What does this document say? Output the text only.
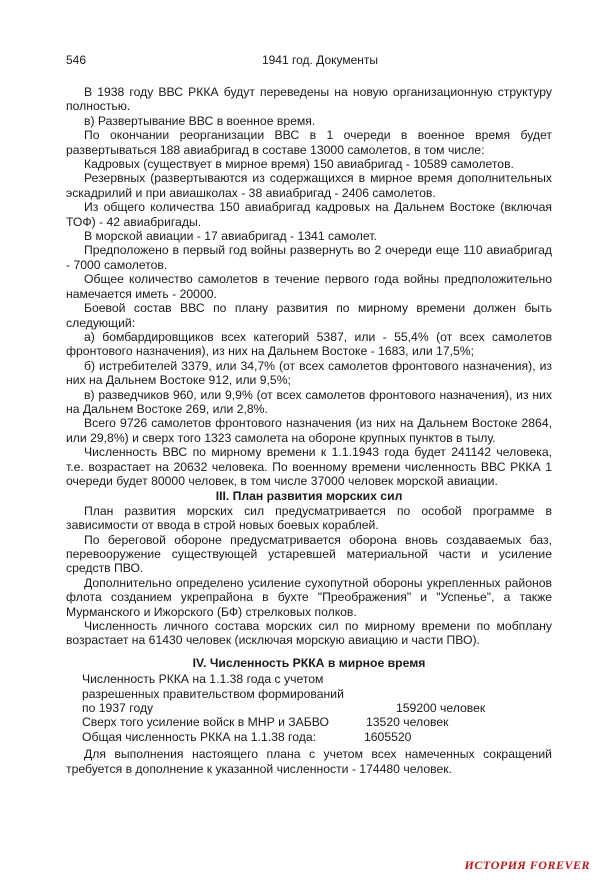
546	1941 год. Документы

В 1938 году ВВС РККА будут переведены на новую организационную структуру полностью.

в) Развертывание ВВС в военное время.

По окончании реорганизации ВВС в 1 очереди в военное время будет развертываться 188 авиабригад в составе 13000 самолетов, в том числе:

Кадровых (существует в мирное время) 150 авиабригад - 10589 самолетов.

Резервных (развертываются из содержащихся в мирное время дополнительных эскадрилий и при авиашколах - 38 авиабригад - 2406 самолетов.

Из общего количества 150 авиабригад кадровых на Дальнем Востоке (включая ТОФ) - 42 авиабригады.

В морской авиации - 17 авиабригад - 1341 самолет.

Предположено в первый год войны развернуть во 2 очереди еще 110 авиабригад - 7000 самолетов.

Общее количество самолетов в течение первого года войны предположительно намечается иметь - 20000.

Боевой состав ВВС по плану развития по мирному времени должен быть следующий:

а) бомбардировщиков всех категорий 5387, или - 55,4% (от всех самолетов фронтового назначения), из них на Дальнем Востоке - 1683, или 17,5%;

б) истребителей 3379, или 34,7% (от всех самолетов фронтового назначения), из них на Дальнем Востоке 912, или 9,5%;

в) разведчиков 960, или 9,9% (от всех самолетов фронтового назначения), из них на Дальнем Востоке 269, или 2,8%.

Всего 9726 самолетов фронтового назначения (из них на Дальнем Востоке 2864, или 29,8%) и сверх того 1323 самолета на обороне крупных пунктов в тылу.

Численность ВВС по мирному времени к 1.1.1943 года будет 241142 человека, т.е. возрастает на 20632 человека. По военному времени численность ВВС РККА 1 очереди будет 80000 человек, в том числе 37000 человек морской авиации.

III. План развития морских сил

План развития морских сил предусматривается по особой программе в зависимости от ввода в строй новых боевых кораблей.

По береговой обороне предусматривается оборона вновь создаваемых баз, перевооружение существующей устаревшей материальной части и усиление средств ПВО.

Дополнительно определено усиление сухопутной обороны укрепленных районов флота созданием укрепрайона в бухте "Преображения" и "Успенье", а также Мурманского и Ижорского (БФ) стрелковых полков.

Численность личного состава морских сил по мирному времени по мобплану возрастает на 61430 человек (исключая морскую авиацию и части ПВО).

IV. Численность РККА в мирное время

Численность РККА на 1.1.38 года с учетом
разрешенных правительством формирований
по 1937 году	159200 человек
Сверх того усиление войск в МНР и ЗАБВО	13520 человек
Общая численность РККА на 1.1.38 года:	1605520

Для выполнения настоящего плана с учетом всех намеченных сокращений требуется в дополнение к указанной численности - 174480 человек.

ИСТОРИЯ FOREVER
